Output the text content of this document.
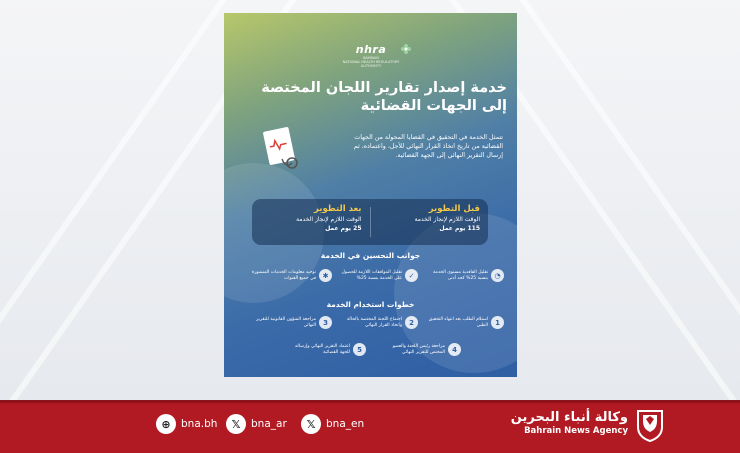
nhra
BAHRAIN
NATIONAL HEALTH REGULATORY AUTHORITY
خدمة إصدار تقارير اللجان المختصة إلى الجهات القضائية
تتمثل الخدمة في التحقيق في القضايا المحولة من الجهات القضائية من تاريخ اتخاذ القرار النهائي للأجل، واعتماده، ثم إرسال التقرير النهائي إلى الجهة القضائية.
بعد التطوير
الوقت اللازم لإنجاز الخدمة
25 يوم عمل
قبل التطوير
الوقت اللازم لإنجاز الخدمة
115 يوم عمل
جوانب التحسين في الخدمة
◔
تقليل الفاقدية مستوى الخدمة بنسبة 25% كحد أدنى
✓
تقليل الموافقات اللازمة للحصول على الخدمة بنسبة 25%
✱
توحيد معلومات الخدمات المنشورة في جميع القنوات
خطوات استخدام الخدمة
1
استلام الطلب بعد انتهاء التحقيق الطبي
2
اجتماع اللجنة المختصة بالحالة واتخاذ القرار النهائي
3
مراجعة الشؤون القانونية للتقرير النهائي
4
مراجعة رئيس اللجنة والعضو المختص للتقرير النهائي
5
اعتماد التقرير النهائي وإرساله للجهة القضائية
⊕ bna.bh	𝕏	bna_ar	𝕏	bna_en	وكالة أنباء البحرين
Bahrain News Agency
